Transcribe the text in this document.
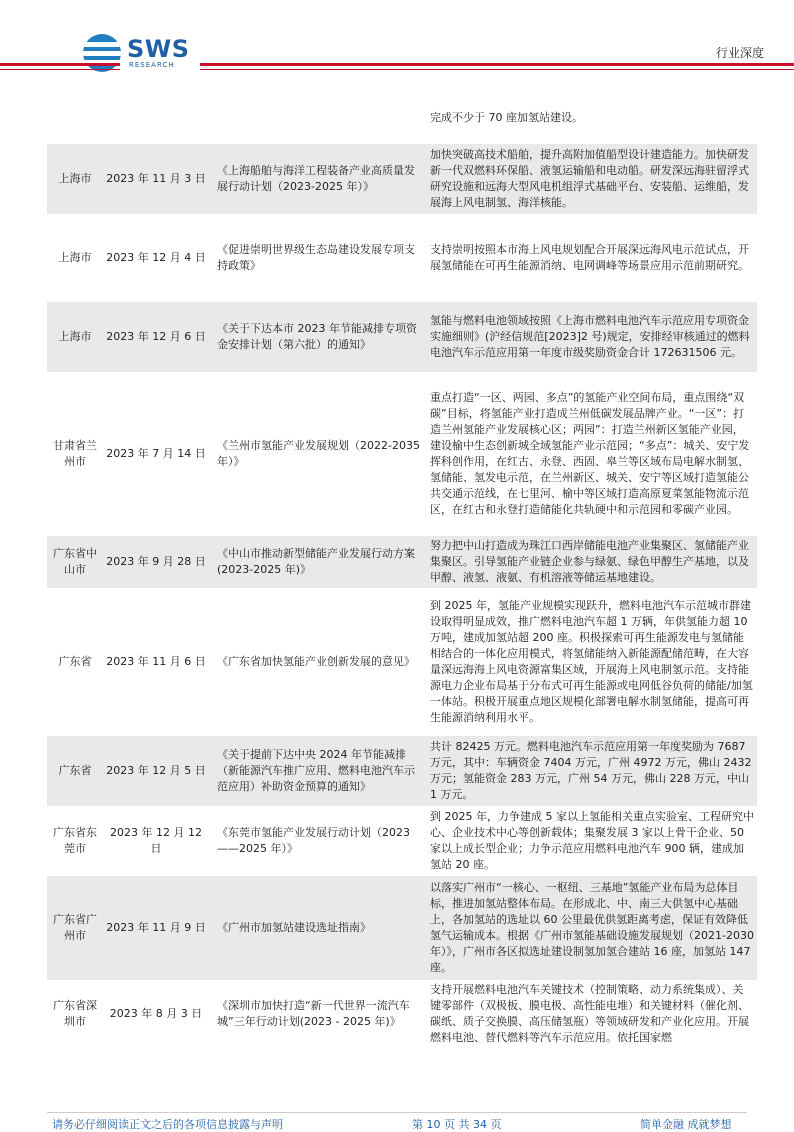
SWS
RESEARCH
行业深度
			完成不少于 70 座加氢站建设。
上海市	2023 年 11 月 3 日	《上海船舶与海洋工程装备产业高质量发展行动计划（2023-2025 年）》	加快突破高技术船舶，提升高附加值船型设计建造能力。加快研发新一代双燃料环保船、液氢运输船和电动船。研发深远海驻留浮式研究设施和远海大型风电机组浮式基础平台、安装船、运维船，发展海上风电制氢、海洋核能。
上海市	2023 年 12 月 4 日	《促进崇明世界级生态岛建设发展专项支持政策》	支持崇明按照本市海上风电规划配合开展深远海风电示范试点，开展氢储能在可再生能源消纳、电网调峰等场景应用示范前期研究。
上海市	2023 年 12 月 6 日	《关于下达本市 2023 年节能减排专项资金安排计划（第六批）的通知》	氢能与燃料电池领域按照《上海市燃料电池汽车示范应用专项资金实施细则》(沪经信规范[2023]2 号)规定，安排经审核通过的燃料电池汽车示范应用第一年度市级奖励资金合计 172631506 元。
甘肃省兰州市	2023 年 7 月 14 日	《兰州市氢能产业发展规划（2022-2035 年）》	重点打造“一区、两园、多点”的氢能产业空间布局，重点围绕“双碳”目标，将氢能产业打造成兰州低碳发展品牌产业。“一区”：打造兰州氢能产业发展核心区；两园”：打造兰州新区氢能产业园，建设榆中生态创新城全域氢能产业示范园；“多点”：城关、安宁发挥科创作用，在红古、永登、西固、皋兰等区域布局电解水制氢、氢储能、氢发电示范，在兰州新区、城关、安宁等区域打造氢能公共交通示范线，在七里河、榆中等区域打造高原夏菜氢能物流示范区，在红古和永登打造储能化共轨硬中和示范园和零碳产业园。
广东省中山市	2023 年 9 月 28 日	《中山市推动新型储能产业发展行动方案(2023-2025 年)》	努力把中山打造成为珠江口西岸储能电池产业集聚区、氢储能产业集聚区。引导氢能产业链企业参与绿氨、绿色甲醇生产基地，以及甲醇、液氢、液氨、有机溶液等储运基地建设。
广东省	2023 年 11 月 6 日	《广东省加快氢能产业创新发展的意见》	到 2025 年，氢能产业规模实现跃升，燃料电池汽车示范城市群建设取得明显成效，推广燃料电池汽车超 1 万辆，年供氢能力超 10 万吨，建成加氢站超 200 座。积极探索可再生能源发电与氢储能相结合的一体化应用模式，将氢储能纳入新能源配储范畴，在大容量深远海海上风电资源富集区域，开展海上风电制氢示范。支持能源电力企业布局基于分布式可再生能源或电网低谷负荷的储能/加氢一体站。积极开展重点地区规模化部署电解水制氢储能，提高可再生能源消纳利用水平。
广东省	2023 年 12 月 5 日	《关于提前下达中央 2024 年节能减排（新能源汽车推广应用、燃料电池汽车示范应用）补助资金预算的通知》	共计 82425 万元。燃料电池汽车示范应用第一年度奖励为 7687 万元，其中：车辆资金 7404 万元，广州 4972 万元，佛山 2432 万元；氢能资金 283 万元，广州 54 万元，佛山 228 万元，中山 1 万元。
广东省东莞市	2023 年 12 月 12 日	《东莞市氢能产业发展行动计划（2023——2025 年）》	到 2025 年，力争建成 5 家以上氢能相关重点实验室、工程研究中心、企业技术中心等创新载体；集聚发展 3 家以上骨干企业、50 家以上成长型企业；力争示范应用燃料电池汽车 900 辆，建成加氢站 20 座。
广东省广州市	2023 年 11 月 9 日	《广州市加氢站建设选址指南》	以落实广州市“一核心、一枢纽、三基地”氢能产业布局为总体目标，推进加氢站整体布局。在形成北、中、南三大供氢中心基础上，各加氢站的选址以 60 公里最优供氢距离考虑，保证有效降低氢气运输成本。根据《广州市氢能基础设施发展规划（2021-2030 年）》，广州市各区拟选址建设制氢加氢合建站 16 座，加氢站 147 座。
广东省深圳市	2023 年 8 月 3 日	《深圳市加快打造“新一代世界一流汽车城”三年行动计划(2023 - 2025 年)》	支持开展燃料电池汽车关键技术（控制策略、动力系统集成）、关键零部件（双极板、膜电极、高性能电堆）和关键材料（催化剂、碳纸、质子交换膜、高压储氢瓶）等领域研发和产业化应用。开展燃料电池、替代燃料等汽车示范应用。依托国家燃
请务必仔细阅读正文之后的各项信息披露与声明	第 10 页 共 34 页	简单金融 成就梦想
